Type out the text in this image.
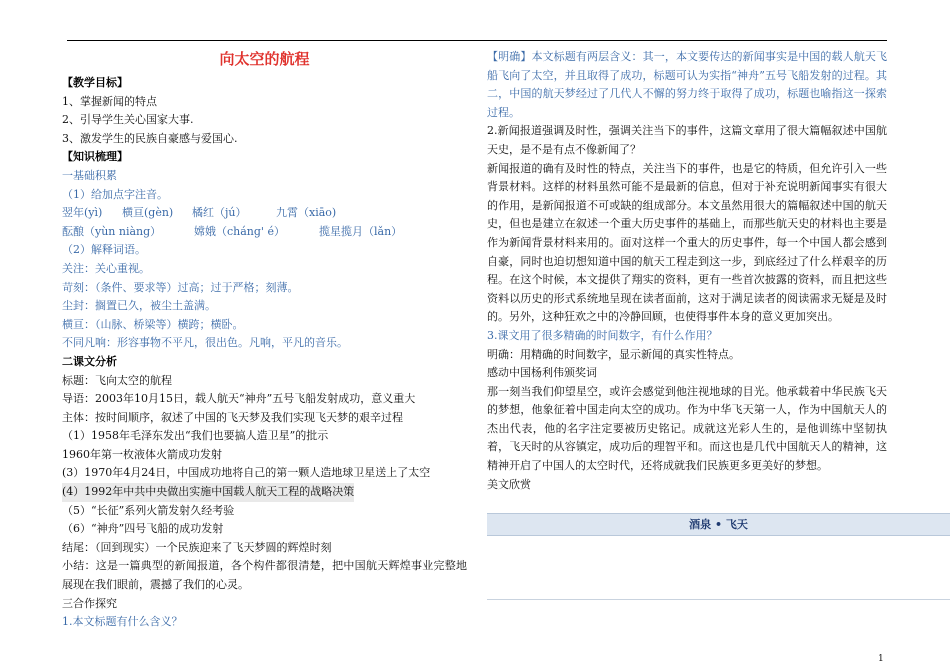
向太空的航程
【教学目标】
1、掌握新闻的特点
2、引导学生关心国家大事.
3、激发学生的民族自豪感与爱国心.
【知识梳理】
一基础积累
（1）给加点字注音。
翌年(yì)	横亘(gèn)	橘红（jú）	九霄（xiāo)
酝酿（yùn niàng）	嫦娥（cháng' é）	揽星揽月（lǎn）
（2）解释词语。
关注：关心重视。
苛刻：（条件、要求等）过高；过于严格；刻薄。
尘封：搁置已久，被尘土盖满。
横亘：（山脉、桥梁等）横跨；横卧。
不同凡响：形容事物不平凡，很出色。凡响，平凡的音乐。
二课文分析
标题：飞向太空的航程
导语：2003年10月15日，载人航天“神舟”五号飞船发射成功，意义重大
主体：按时间顺序，叙述了中国的飞天梦及我们实现飞天梦的艰辛过程
（1）1958年毛泽东发出“我们也要搞人造卫星”的批示
1960年第一枚液体火箭成功发射
(3）1970年4月24日，中国成功地将自己的第一颗人造地球卫星送上了太空
(4）1992年中共中央做出实施中国载人航天工程的战略决策
（5）“长征”系列火箭发射久经考验
（6）“神舟”四号飞船的成功发射
结尾：（回到现实）一个民族迎来了飞天梦圆的辉煌时刻
小结：这是一篇典型的新闻报道，各个构件都很清楚，把中国航天辉煌事业完整地展现在我们眼前，震撼了我们的心灵。
三合作探究
1.本文标题有什么含义？
【明确】本文标题有两层含义：其一，本文要传达的新闻事实是中国的载人航天飞船飞向了太空，并且取得了成功，标题可认为实指“神舟”五号飞船发射的过程。其二，中国的航天梦经过了几代人不懈的努力终于取得了成功，标题也喻指这一探索过程。
2.新闻报道强调及时性，强调关注当下的事件，这篇文章用了很大篇幅叙述中国航天史，是不是有点不像新闻了？
新闻报道的确有及时性的特点，关注当下的事件，也是它的特质，但允许引入一些背景材料。这样的材料虽然可能不是最新的信息，但对于补充说明新闻事实有很大的作用，是新闻报道不可或缺的组成部分。本文虽然用很大的篇幅叙述中国的航天史，但也是建立在叙述一个重大历史事件的基础上，而那些航天史的材料也主要是作为新闻背景材料来用的。面对这样一个重大的历史事件，每一个中国人都会感到自豪，同时也迫切想知道中国的航天工程走到这一步，到底经过了什么样艰辛的历程。在这个时候，本文提供了翔实的资料，更有一些首次披露的资料，而且把这些资料以历史的形式系统地呈现在读者面前，这对于满足读者的阅读需求无疑是及时的。另外，这种狂欢之中的冷静回顾，也使得事件本身的意义更加突出。
3.课文用了很多精确的时间数字，有什么作用？
明确：用精确的时间数字，显示新闻的真实性特点。
感动中国杨利伟颁奖词
那一刻当我们仰望星空，或许会感觉到他注视地球的目光。他承载着中华民族飞天的梦想，他象征着中国走向太空的成功。作为中华飞天第一人，作为中国航天人的杰出代表，他的名字注定要被历史铭记。成就这光彩人生的，是他训练中坚韧执着，飞天时的从容镇定，成功后的理智平和。而这也是几代中国航天人的精神，这精神开启了中国人的太空时代，还将成就我们民族更多更美好的梦想。
美文欣赏
酒泉 • 飞天
1
